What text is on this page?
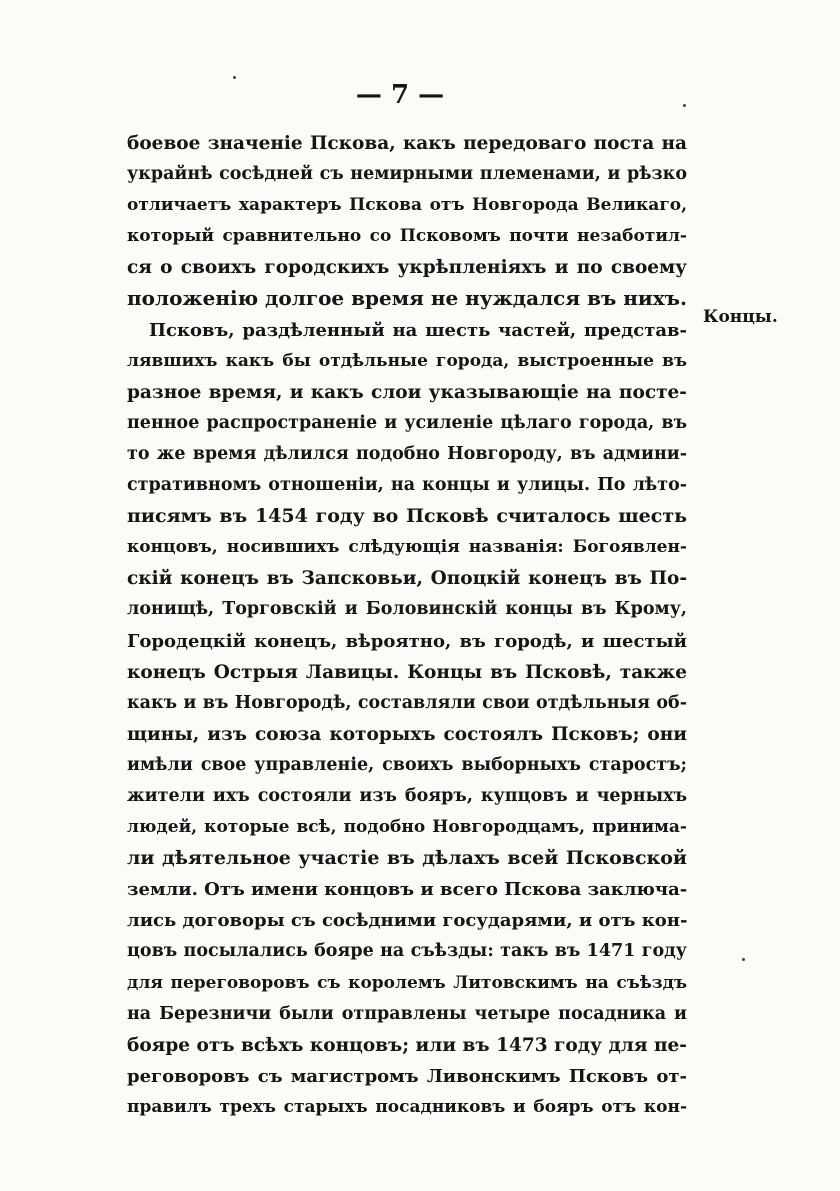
— 7 —
Концы.
боевое значенiе Пскова, какъ передоваго поста на
украйнѣ сосѣдней съ немирными племенами, и рѣзко
отличаетъ характеръ Пскова отъ Новгорода Великаго,
который сравнительно со Псковомъ почти незаботил-
ся о своихъ городскихъ укрѣпленiяхъ и по своему
положенiю долгое время не нуждался въ нихъ.
Псковъ, раздѣленный на шесть частей, представ-
лявшихъ какъ бы отдѣльные города, выстроенные въ
разное время, и какъ слои указывающiе на посте-
пенное распространенiе и усиленiе цѣлаго города, въ
то же время дѣлился подобно Новгороду, въ админи-
стративномъ отношенiи, на концы и улицы. По лѣто-
писямъ въ 1454 году во Псковѣ считалось шесть
концовъ, носившихъ слѣдующiя названiя: Богоявлен-
скiй конецъ въ Запсковьи, Опоцкiй конецъ въ По-
лонищѣ, Торговскiй и Боловинскiй концы въ Крому,
Городецкiй конецъ, вѣроятно, въ городѣ, и шестый
конецъ Острыя Лавицы. Концы въ Псковѣ, также
какъ и въ Новгородѣ, составляли свои отдѣльныя об-
щины, изъ союза которыхъ состоялъ Псковъ; они
имѣли свое управленiе, своихъ выборныхъ старостъ;
жители ихъ состояли изъ бояръ, купцовъ и черныхъ
людей, которые всѣ, подобно Новгородцамъ, принима-
ли дѣятельное участiе въ дѣлахъ всей Псковской
земли. Отъ имени концовъ и всего Пскова заключа-
лись договоры съ сосѣдними государями, и отъ кон-
цовъ посылались бояре на съѣзды: такъ въ 1471 году
для переговоровъ съ королемъ Литовскимъ на съѣздъ
на Березничи были отправлены четыре посадника и
бояре отъ всѣхъ концовъ; или въ 1473 году для пе-
реговоровъ съ магистромъ Ливонскимъ Псковъ от-
правилъ трехъ старыхъ посадниковъ и бояръ отъ кон-
